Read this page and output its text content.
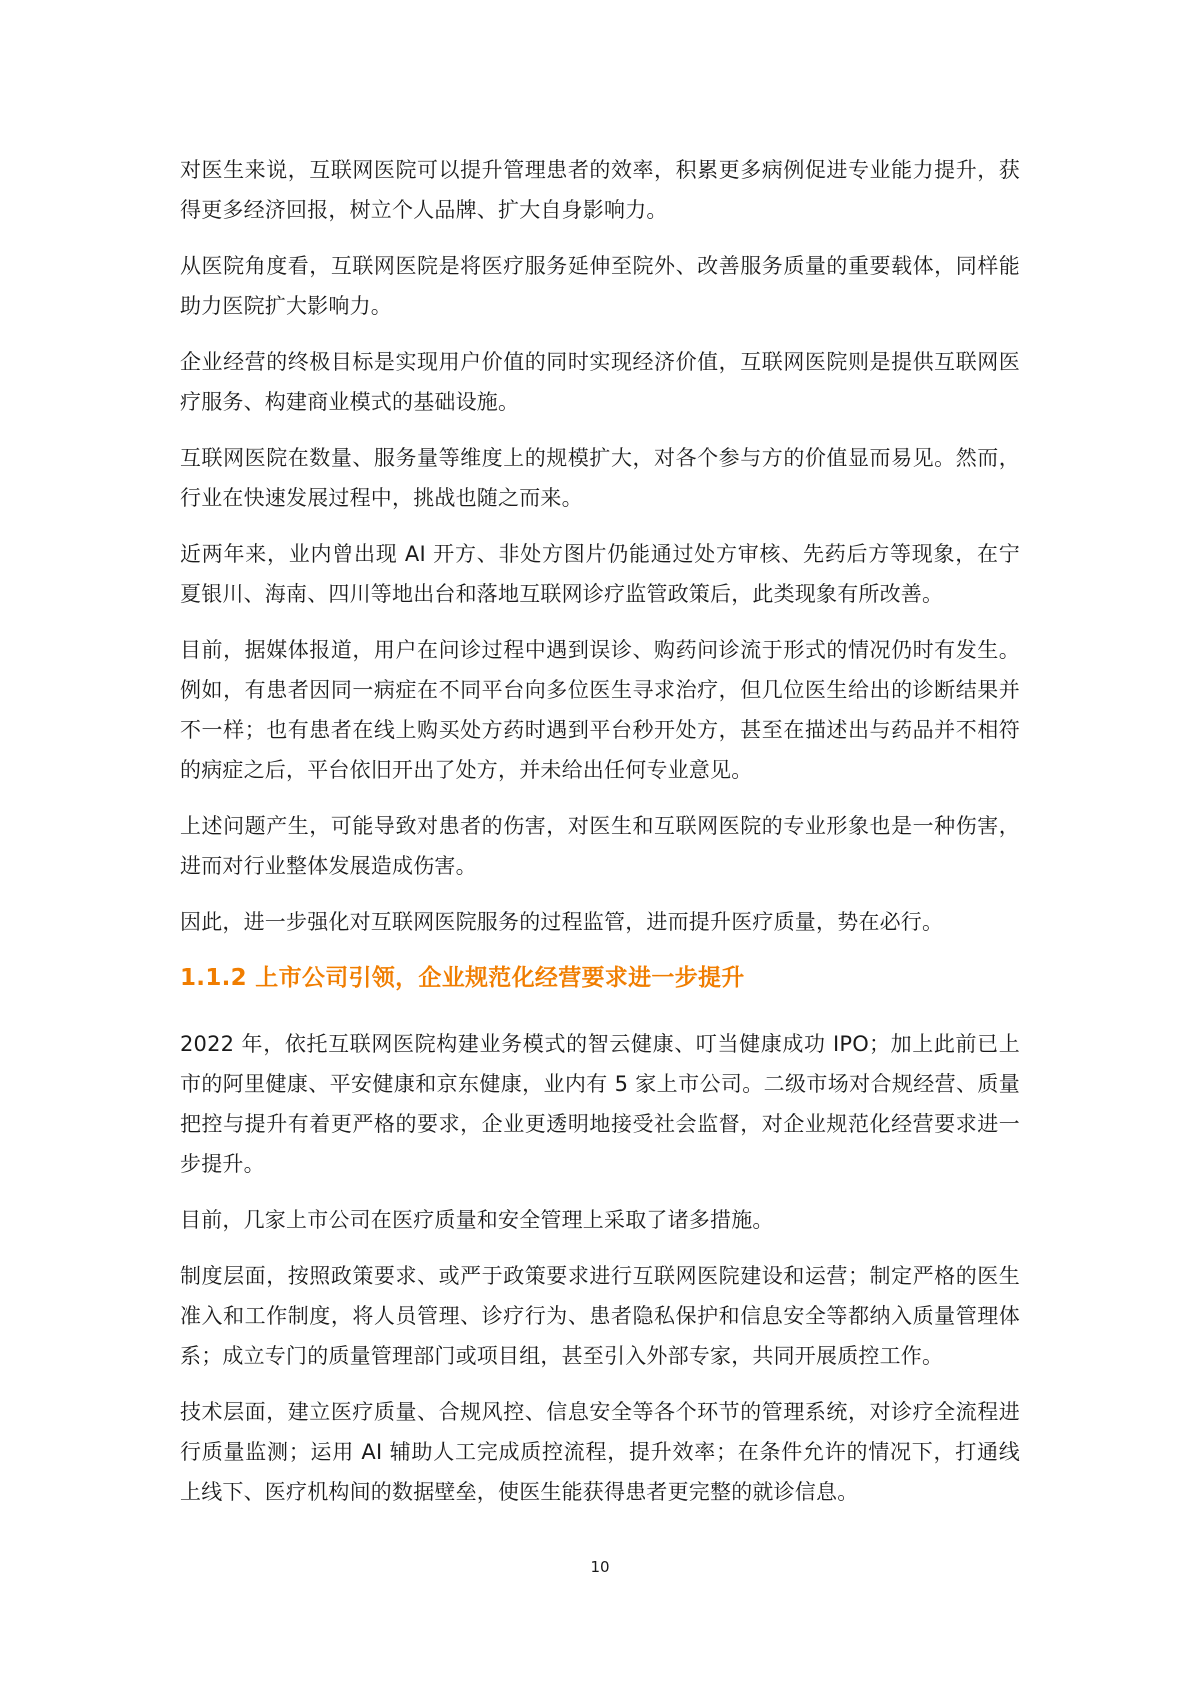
对医生来说，互联网医院可以提升管理患者的效率，积累更多病例促进专业能力提升，获得更多经济回报，树立个人品牌、扩大自身影响力。

从医院角度看，互联网医院是将医疗服务延伸至院外、改善服务质量的重要载体，同样能助力医院扩大影响力。

企业经营的终极目标是实现用户价值的同时实现经济价值，互联网医院则是提供互联网医疗服务、构建商业模式的基础设施。

互联网医院在数量、服务量等维度上的规模扩大，对各个参与方的价值显而易见。然而，行业在快速发展过程中，挑战也随之而来。

近两年来，业内曾出现 AI 开方、非处方图片仍能通过处方审核、先药后方等现象，在宁夏银川、海南、四川等地出台和落地互联网诊疗监管政策后，此类现象有所改善。

目前，据媒体报道，用户在问诊过程中遇到误诊、购药问诊流于形式的情况仍时有发生。例如，有患者因同一病症在不同平台向多位医生寻求治疗，但几位医生给出的诊断结果并不一样；也有患者在线上购买处方药时遇到平台秒开处方，甚至在描述出与药品并不相符的病症之后，平台依旧开出了处方，并未给出任何专业意见。

上述问题产生，可能导致对患者的伤害，对医生和互联网医院的专业形象也是一种伤害，进而对行业整体发展造成伤害。

因此，进一步强化对互联网医院服务的过程监管，进而提升医疗质量，势在必行。

1.1.2 上市公司引领，企业规范化经营要求进一步提升

2022 年，依托互联网医院构建业务模式的智云健康、叮当健康成功 IPO；加上此前已上市的阿里健康、平安健康和京东健康，业内有 5 家上市公司。二级市场对合规经营、质量把控与提升有着更严格的要求，企业更透明地接受社会监督，对企业规范化经营要求进一步提升。

目前，几家上市公司在医疗质量和安全管理上采取了诸多措施。

制度层面，按照政策要求、或严于政策要求进行互联网医院建设和运营；制定严格的医生准入和工作制度，将人员管理、诊疗行为、患者隐私保护和信息安全等都纳入质量管理体系；成立专门的质量管理部门或项目组，甚至引入外部专家，共同开展质控工作。

技术层面，建立医疗质量、合规风控、信息安全等各个环节的管理系统，对诊疗全流程进行质量监测；运用 AI 辅助人工完成质控流程，提升效率；在条件允许的情况下，打通线上线下、医疗机构间的数据壁垒，使医生能获得患者更完整的就诊信息。

10
